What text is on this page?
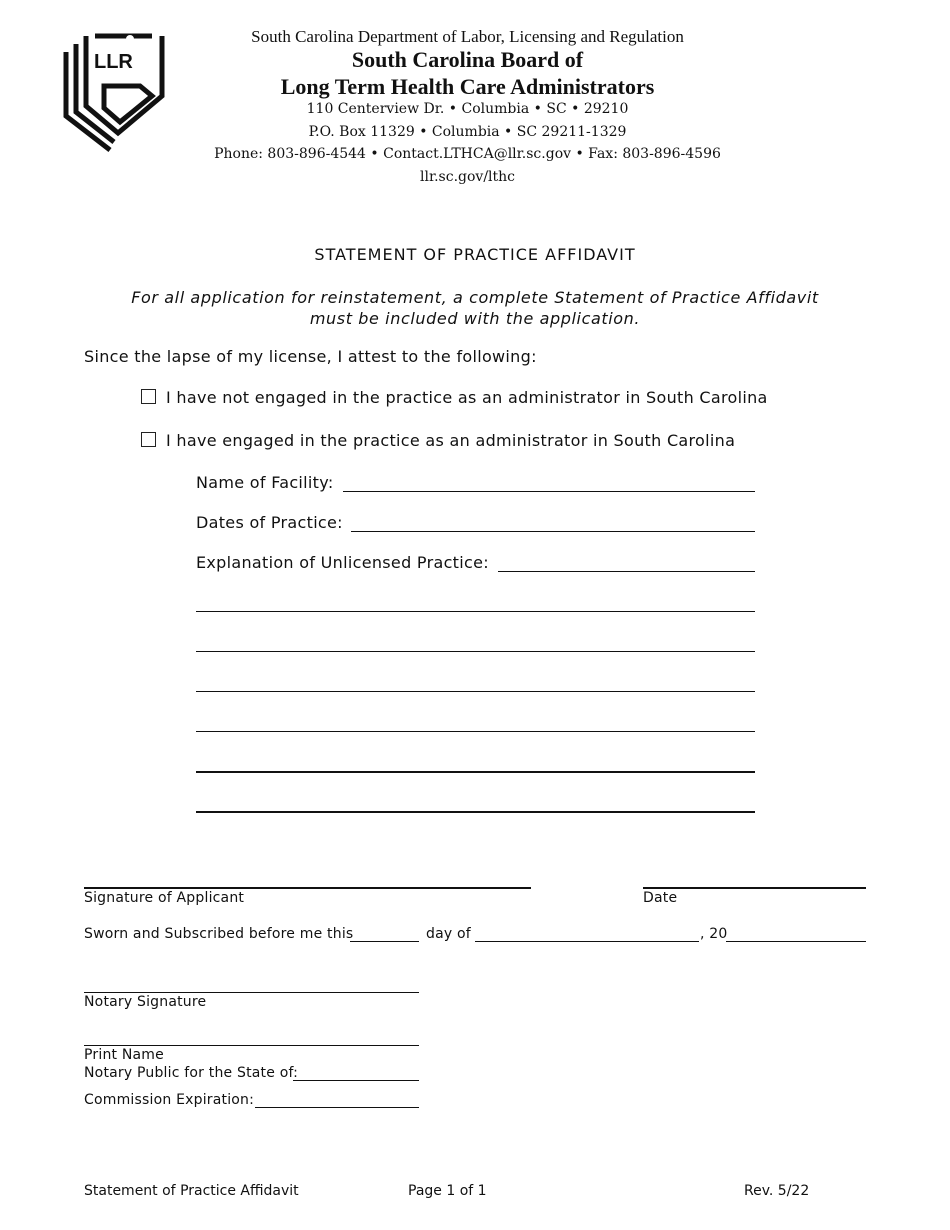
LLR
South Carolina Department of Labor, Licensing and Regulation
South Carolina Board of
Long Term Health Care Administrators
110 Centerview Dr. • Columbia • SC • 29210
P.O. Box 11329 • Columbia • SC 29211-1329
Phone: 803-896-4544 • Contact.LTHCA@llr.sc.gov • Fax: 803-896-4596
llr.sc.gov/lthc
STATEMENT OF PRACTICE AFFIDAVIT
For all application for reinstatement, a complete Statement of Practice Affidavit
must be included with the application.
Since the lapse of my license, I attest to the following:
I have not engaged in the practice as an administrator in South Carolina
I have engaged in the practice as an administrator in South Carolina
Name of Facility:
Dates of Practice:
Explanation of Unlicensed Practice:
Signature of Applicant	Date
Sworn and Subscribed before me this	day of	, 20
Notary Signature
Print Name
Notary Public for the State of:
Commission Expiration:
Statement of Practice Affidavit	Page 1 of 1	Rev. 5/22
